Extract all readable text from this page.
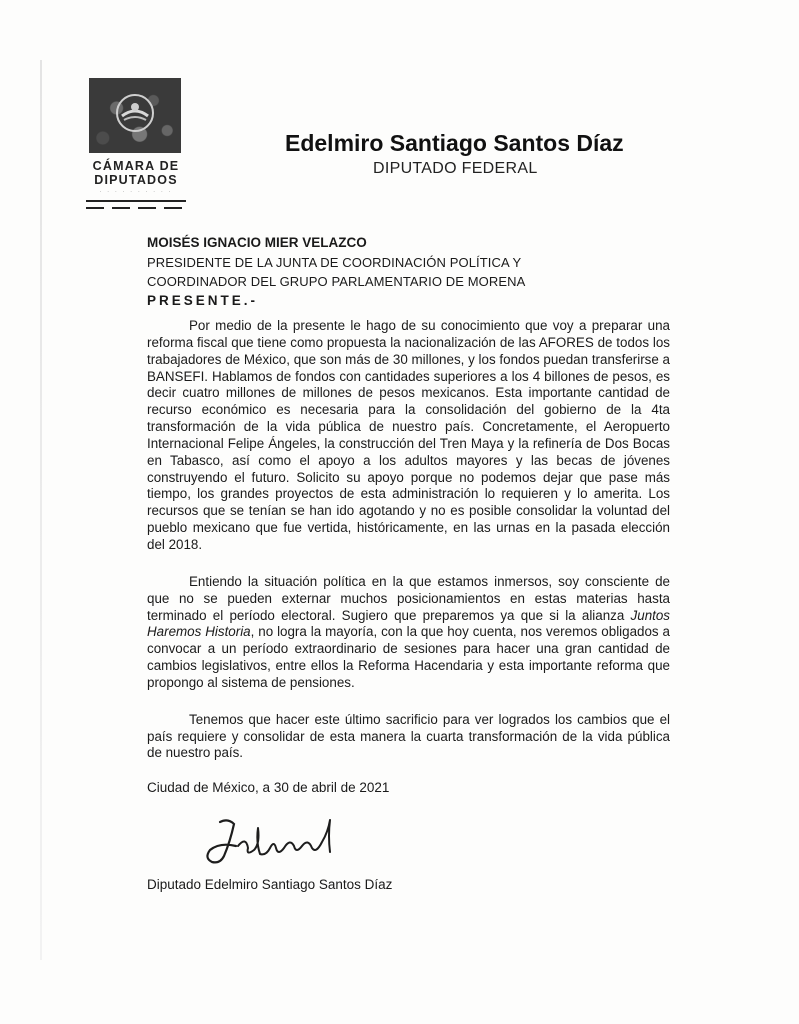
CÁMARA DE
DIPUTADOS
· · · · · · · · · ·
Edelmiro Santiago Santos Díaz
DIPUTADO FEDERAL
MOISÉS IGNACIO MIER VELAZCO
PRESIDENTE DE LA JUNTA DE COORDINACIÓN POLÍTICA Y
COORDINADOR DEL GRUPO PARLAMENTARIO DE MORENA
PRESENTE.-

Por medio de la presente le hago de su conocimiento que voy a preparar una reforma fiscal que tiene como propuesta la nacionalización de las AFORES de todos los trabajadores de México, que son más de 30 millones, y los fondos puedan transferirse a BANSEFI. Hablamos de fondos con cantidades superiores a los 4 billones de pesos, es decir cuatro millones de millones de pesos mexicanos. Esta importante cantidad de recurso económico es necesaria para la consolidación del gobierno de la 4ta transformación de la vida pública de nuestro país. Concretamente, el Aeropuerto Internacional Felipe Ángeles, la construcción del Tren Maya y la refinería de Dos Bocas en Tabasco, así como el apoyo a los adultos mayores y las becas de jóvenes construyendo el futuro. Solicito su apoyo porque no podemos dejar que pase más tiempo, los grandes proyectos de esta administración lo requieren y lo amerita. Los recursos que se tenían se han ido agotando y no es posible consolidar la voluntad del pueblo mexicano que fue vertida, históricamente, en las urnas en la pasada elección del 2018.

Entiendo la situación política en la que estamos inmersos, soy consciente de que no se pueden externar muchos posicionamientos en estas materias hasta terminado el período electoral. Sugiero que preparemos ya que si la alianza Juntos Haremos Historia, no logra la mayoría, con la que hoy cuenta, nos veremos obligados a convocar a un período extraordinario de sesiones para hacer una gran cantidad de cambios legislativos, entre ellos la Reforma Hacendaria y esta importante reforma que propongo al sistema de pensiones.

Tenemos que hacer este último sacrificio para ver logrados los cambios que el país requiere y consolidar de esta manera la cuarta transformación de la vida pública de nuestro país.

Ciudad de México, a 30 de abril de 2021
Diputado Edelmiro Santiago Santos Díaz
